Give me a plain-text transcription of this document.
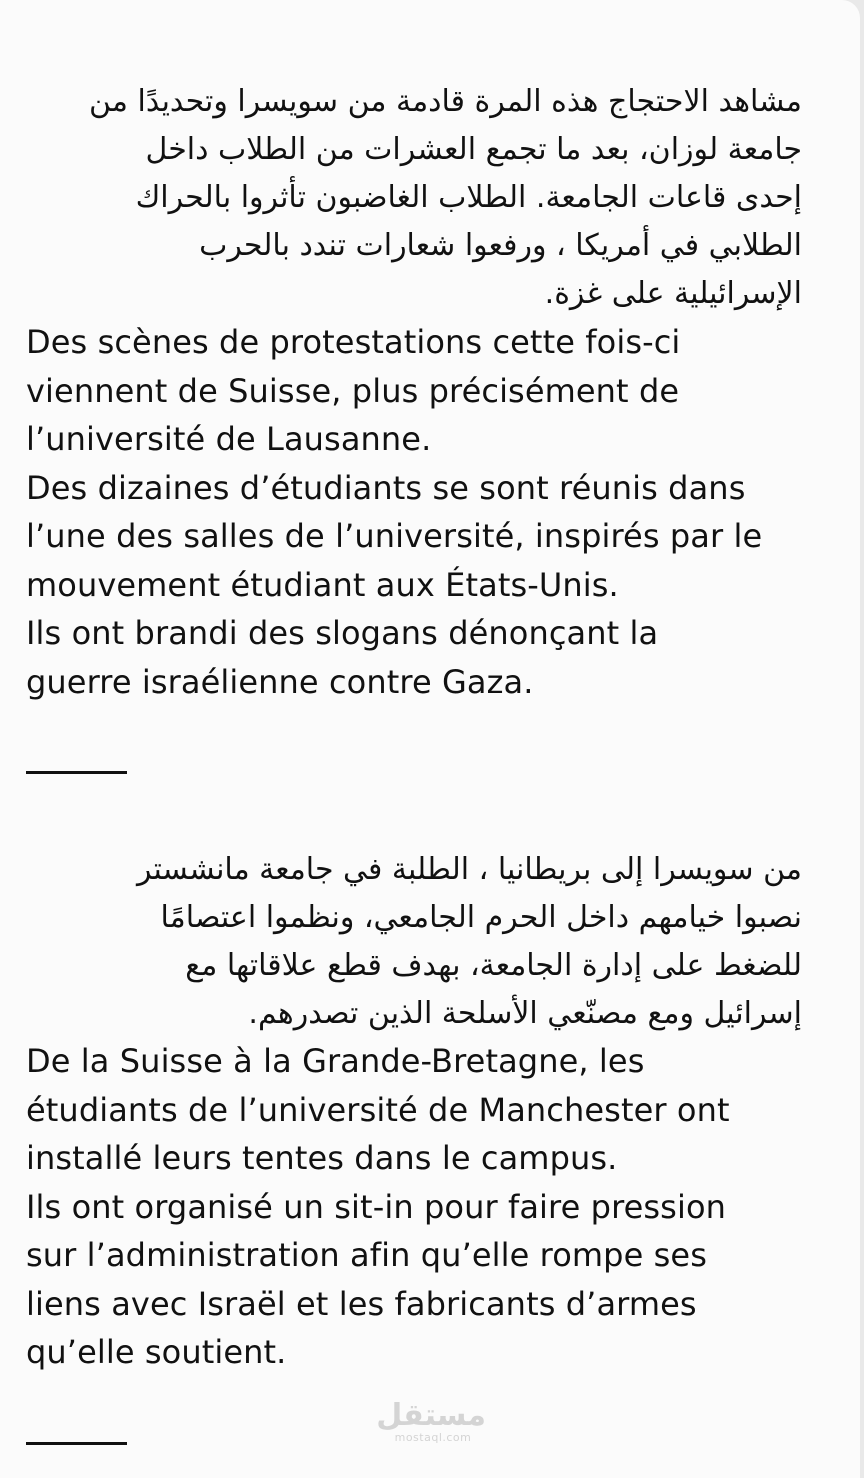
مشاهد الاحتجاج هذه المرة قادمة من سويسرا وتحديدًا من
جامعة لوزان، بعد ما تجمع العشرات من الطلاب داخل
إحدى قاعات الجامعة. الطلاب الغاضبون تأثروا بالحراك
الطلابي في أمريكا ، ورفعوا شعارات تندد بالحرب
الإسرائيلية على غزة.
Des scènes de protestations cette fois-ci
viennent de Suisse, plus précisément de
l’université de Lausanne.
Des dizaines d’étudiants se sont réunis dans
l’une des salles de l’université, inspirés par le
mouvement étudiant aux États-Unis.
Ils ont brandi des slogans dénonçant la
guerre israélienne contre Gaza.
من سويسرا إلى بريطانيا ، الطلبة في جامعة مانشستر
نصبوا خيامهم داخل الحرم الجامعي، ونظموا اعتصامًا
للضغط على إدارة الجامعة، بهدف قطع علاقاتها مع
إسرائيل ومع مصنّعي الأسلحة الذين تصدرهم.
De la Suisse à la Grande-Bretagne, les
étudiants de l’université de Manchester ont
installé leurs tentes dans le campus.
Ils ont organisé un sit-in pour faire pression
sur l’administration afin qu’elle rompe ses
liens avec Israël et les fabricants d’armes
qu’elle soutient.
مستقل
mostaql.com
